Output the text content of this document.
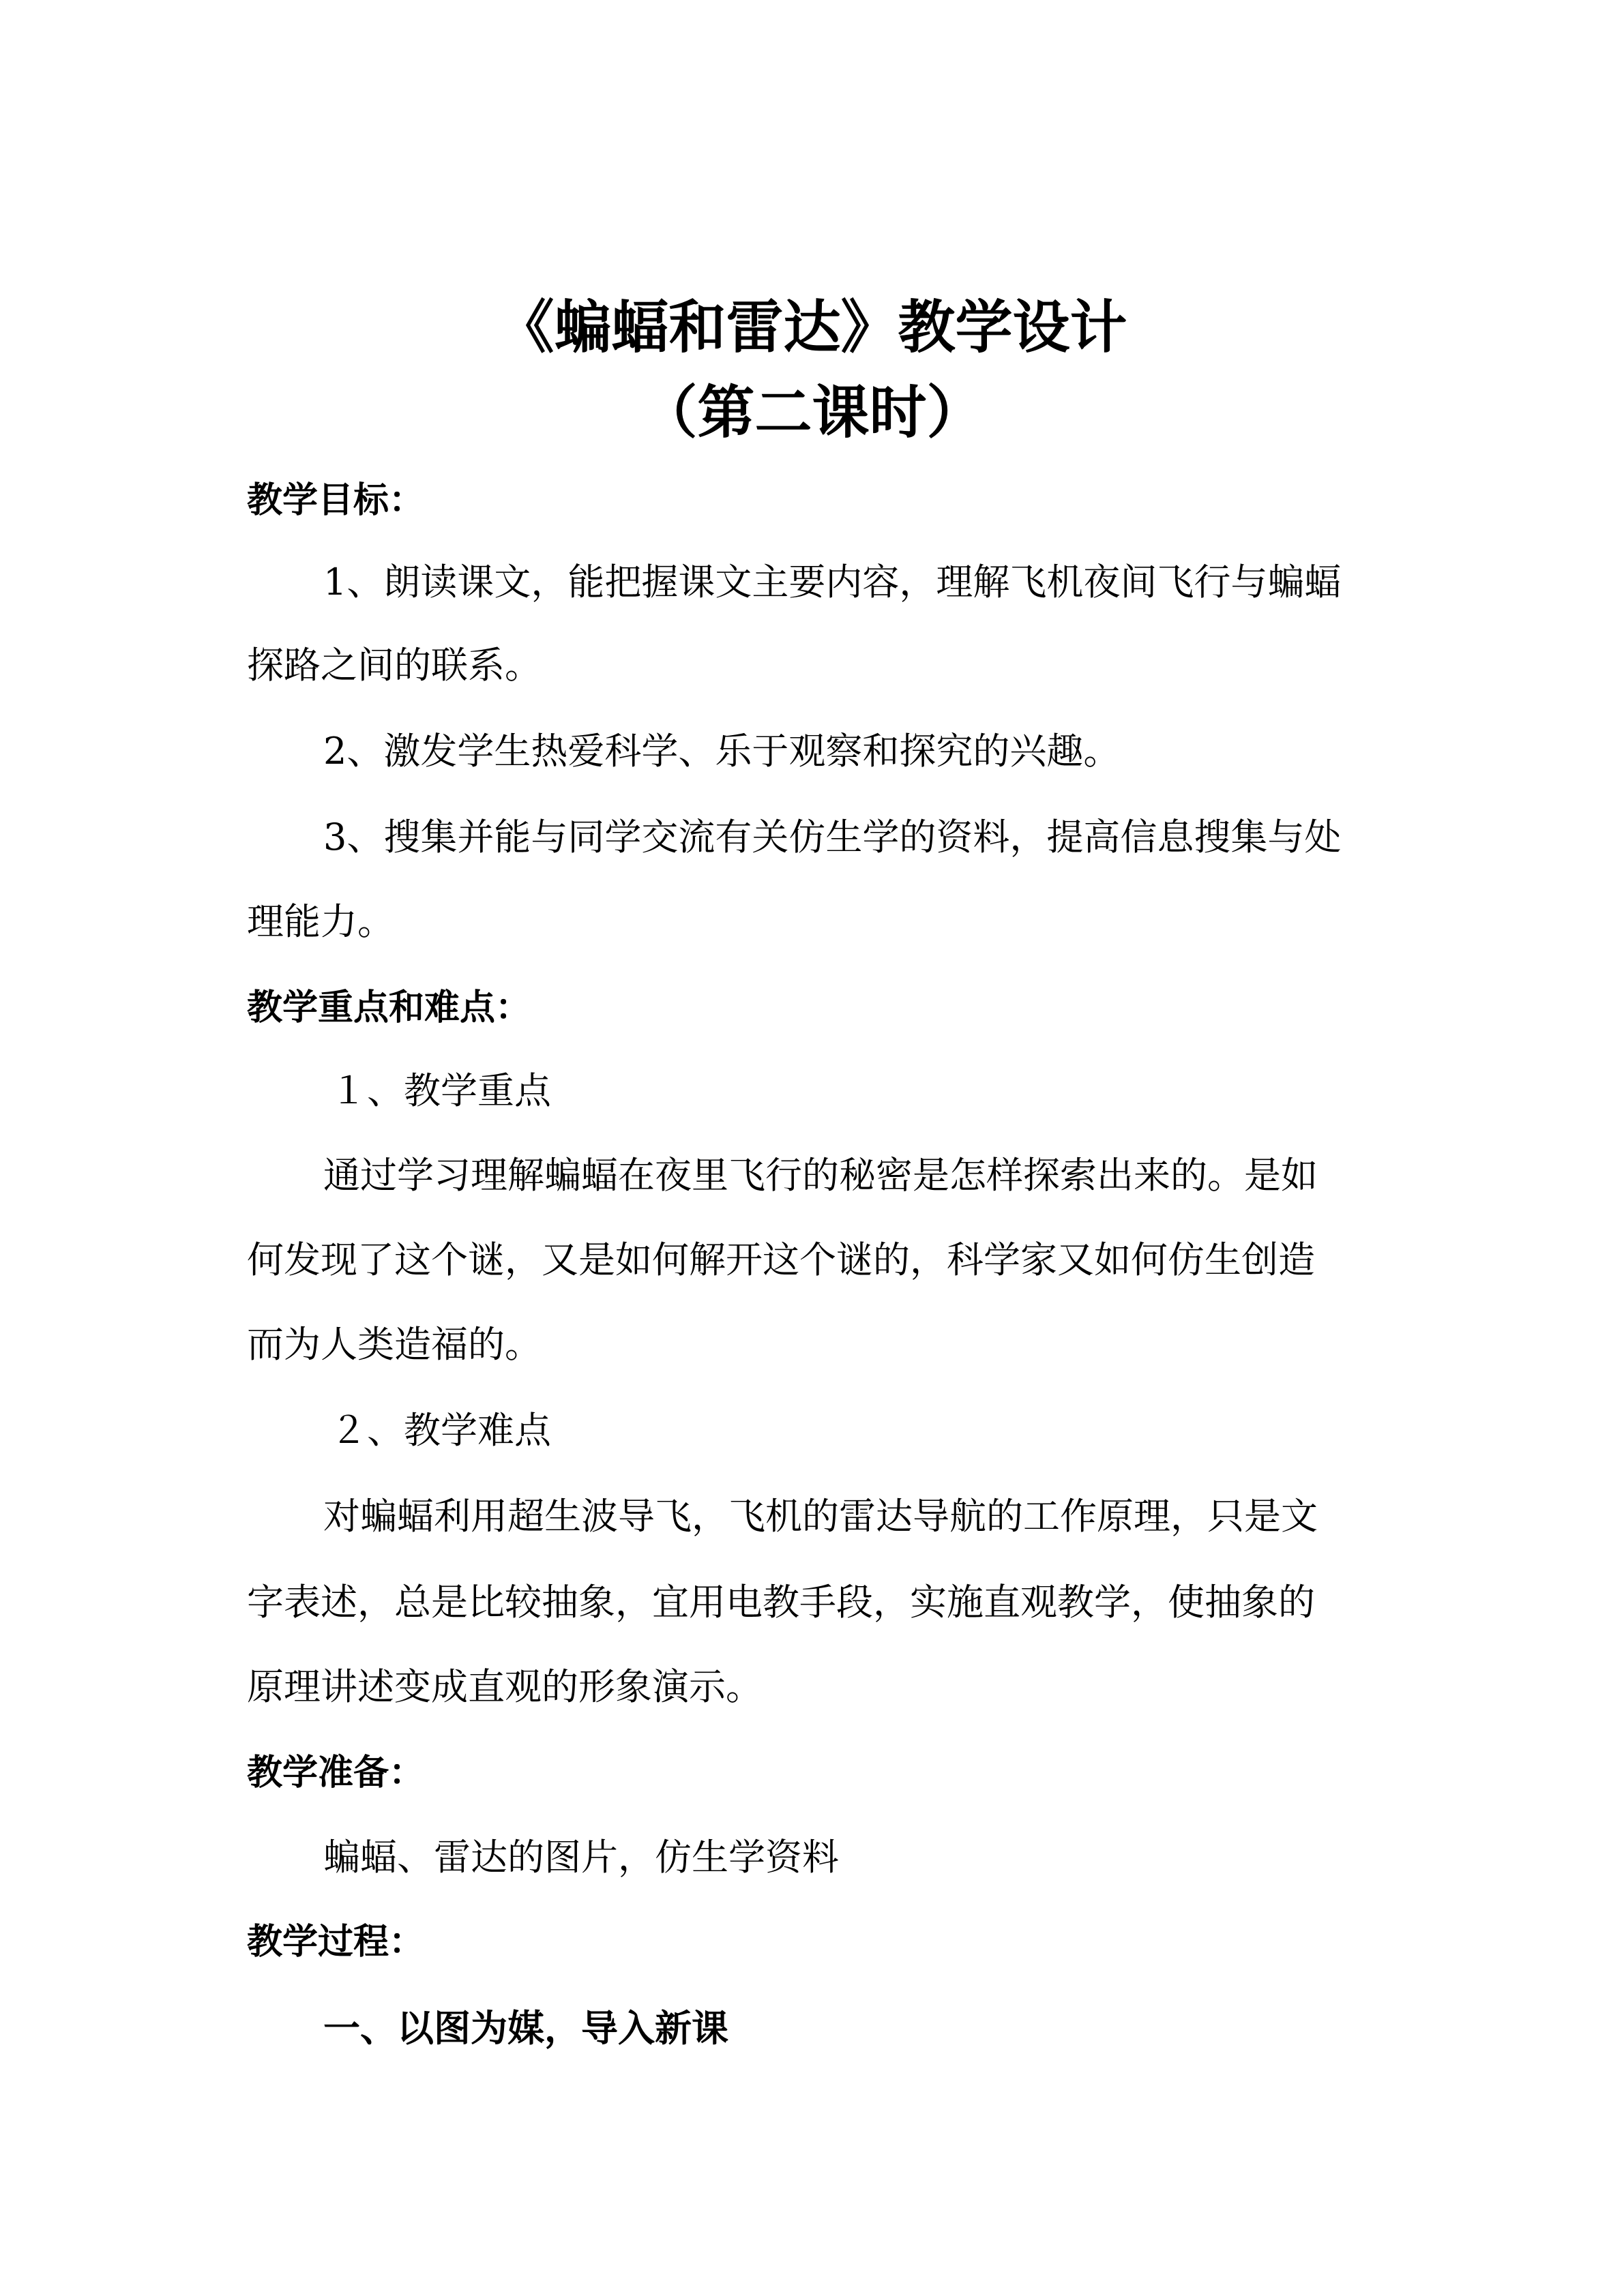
《蝙蝠和雷达》教学设计
（第二课时）
教学目标：
1、朗读课文，能把握课文主要内容，理解飞机夜间飞行与蝙蝠
探路之间的联系。
2、激发学生热爱科学、乐于观察和探究的兴趣。
3、搜集并能与同学交流有关仿生学的资料，提高信息搜集与处
理能力。
教学重点和难点：
１、教学重点
通过学习理解蝙蝠在夜里飞行的秘密是怎样探索出来的。是如
何发现了这个谜，又是如何解开这个谜的，科学家又如何仿生创造
而为人类造福的。
２、教学难点
对蝙蝠利用超生波导飞，飞机的雷达导航的工作原理，只是文
字表述，总是比较抽象，宜用电教手段，实施直观教学，使抽象的
原理讲述变成直观的形象演示。
教学准备：
蝙蝠、雷达的图片，仿生学资料
教学过程：
一、以图为媒，导入新课
